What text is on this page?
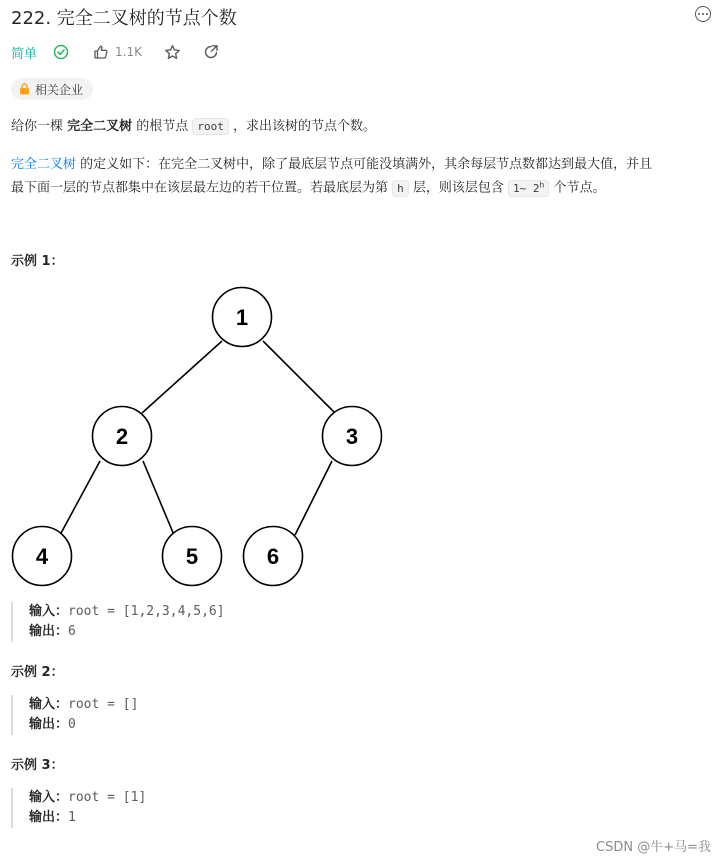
222. 完全二叉树的节点个数
简单	1.1K
相关企业
给你一棵 完全二叉树 的根节点 root ，求出该树的节点个数。
完全二叉树 的定义如下：在完全二叉树中，除了最底层节点可能没填满外，其余每层节点数都达到最大值，并且
最下面一层的节点都集中在该层最左边的若干位置。若最底层为第 h 层，则该层包含 1~ 2$^h$ 个节点。
示例 1：
1
2	3
4	5	6
输入：root = [1,2,3,4,5,6]
输出：6
示例 2：
输入：root = []
输出：0
示例 3：
输入：root = [1]
输出：1
CSDN @牛+马=我
